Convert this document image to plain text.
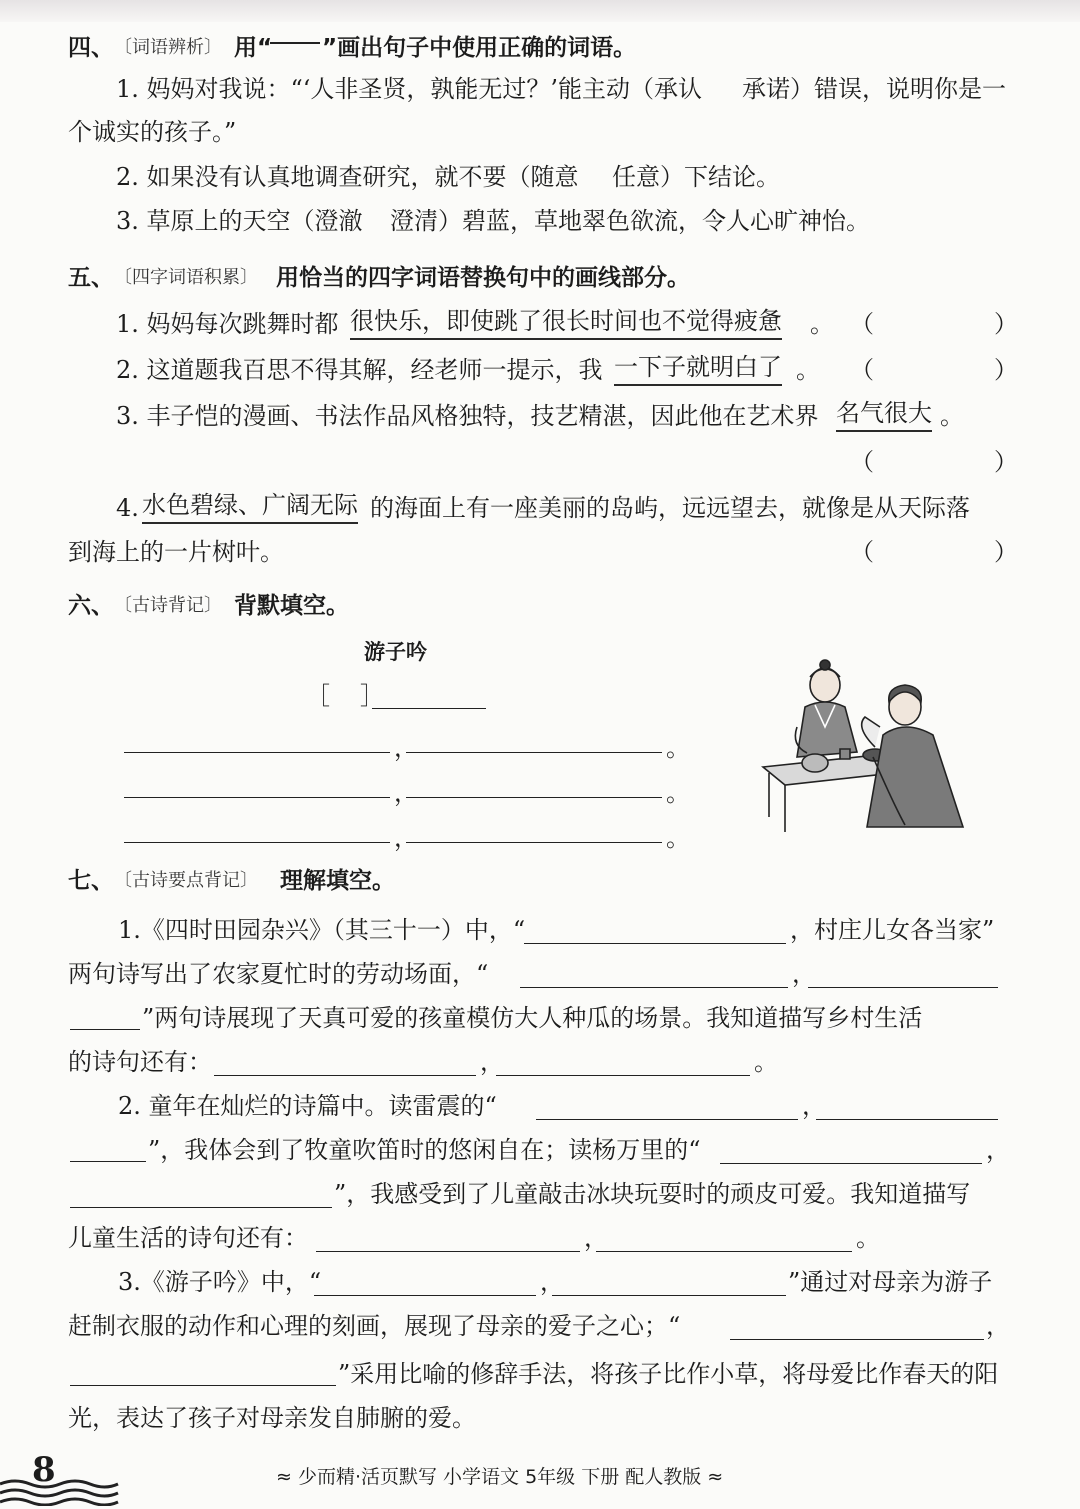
四、 〔词语辨析〕 用“ ”画出句子中使用正确的词语。
1. 妈妈对我说：“‘人非圣贤，孰能无过？’能主动（承认 承诺）错误，说明你是一
个诚实的孩子。”
2. 如果没有认真地调查研究，就不要（随意 任意）下结论。
3. 草原上的天空（澄澈 澄清）碧蓝，草地翠色欲流，令人心旷神怡。
五、 〔四字词语积累〕 用恰当的四字词语替换句中的画线部分。
1. 妈妈每次跳舞时都 很快乐，即使跳了很长时间也不觉得疲惫 。 （	）
2. 这道题我百思不得其解，经老师一提示，我 一下子就明白了 。 （	）
3. 丰子恺的漫画、书法作品风格独特，技艺精湛，因此他在艺术界 名气很大 。
（	）
4. 水色碧绿、广阔无际 的海面上有一座美丽的岛屿，远远望去，就像是从天际落
到海上的一片树叶。	（	）
六、 〔古诗背记〕 背默填空。
游子吟
［ ］
，	。
，	。
，	。
七、 〔古诗要点背记〕 理解填空。
1.《四时田园杂兴》（其三十一）中，“	，村庄儿女各当家”
两句诗写出了农家夏忙时的劳动场面，“	，
”两句诗展现了天真可爱的孩童模仿大人种瓜的场景。我知道描写乡村生活
的诗句还有：	，	。
2. 童年在灿烂的诗篇中。读雷震的“	，
”，我体会到了牧童吹笛时的悠闲自在；读杨万里的“	，
”，我感受到了儿童敲击冰块玩耍时的顽皮可爱。我知道描写
儿童生活的诗句还有：	，	。
3.《游子吟》中，“	，	”通过对母亲为游子
赶制衣服的动作和心理的刻画，展现了母亲的爱子之心；“	，
”采用比喻的修辞手法，将孩子比作小草，将母爱比作春天的阳
光，表达了孩子对母亲发自肺腑的爱。
8	≈ 少而精·活页默写 小学语文 5年级 下册 配人教版 ≈
